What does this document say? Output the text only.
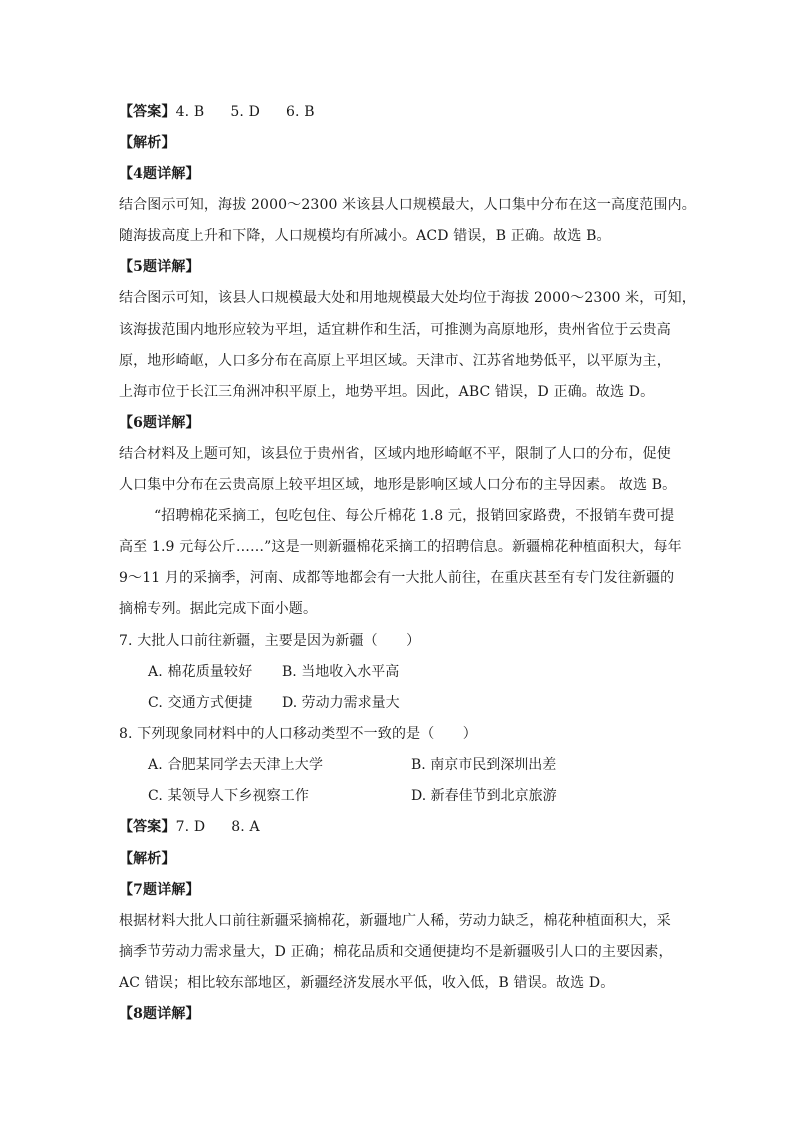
【答案】4. B 5. D 6. B
【解析】
【4题详解】
结合图示可知，海拔 2000～2300 米该县人口规模最大，人口集中分布在这一高度范围内。
随海拔高度上升和下降，人口规模均有所减小。ACD 错误，B 正确。故选 B。
【5题详解】
结合图示可知，该县人口规模最大处和用地规模最大处均位于海拔 2000～2300 米，可知，
该海拔范围内地形应较为平坦，适宜耕作和生活，可推测为高原地形，贵州省位于云贵高
原，地形崎岖，人口多分布在高原上平坦区域。天津市、江苏省地势低平，以平原为主，
上海市位于长江三角洲冲积平原上，地势平坦。因此，ABC 错误，D 正确。故选 D。
【6题详解】
结合材料及上题可知，该县位于贵州省，区域内地形崎岖不平，限制了人口的分布，促使
人口集中分布在云贵高原上较平坦区域，地形是影响区域人口分布的主导因素。 故选 B。
“招聘棉花采摘工，包吃包住、每公斤棉花 1.8 元，报销回家路费，不报销车费可提
高至 1.9 元每公斤……”这是一则新疆棉花采摘工的招聘信息。新疆棉花种植面积大，每年
9～11 月的采摘季，河南、成都等地都会有一大批人前往，在重庆甚至有专门发往新疆的
摘棉专列。据此完成下面小题。
7. 大批人口前往新疆，主要是因为新疆（　　）
A. 棉花质量较好 B. 当地收入水平高
C. 交通方式便捷 D. 劳动力需求量大
8. 下列现象同材料中的人口移动类型不一致的是（　　）
A. 合肥某同学去天津上大学	B. 南京市民到深圳出差
C. 某领导人下乡视察工作	D. 新春佳节到北京旅游
【答案】7. D 8. A
【解析】
【7题详解】
根据材料大批人口前往新疆采摘棉花，新疆地广人稀，劳动力缺乏，棉花种植面积大，采
摘季节劳动力需求量大，D 正确；棉花品质和交通便捷均不是新疆吸引人口的主要因素，
AC 错误；相比较东部地区，新疆经济发展水平低，收入低，B 错误。故选 D。
【8题详解】
